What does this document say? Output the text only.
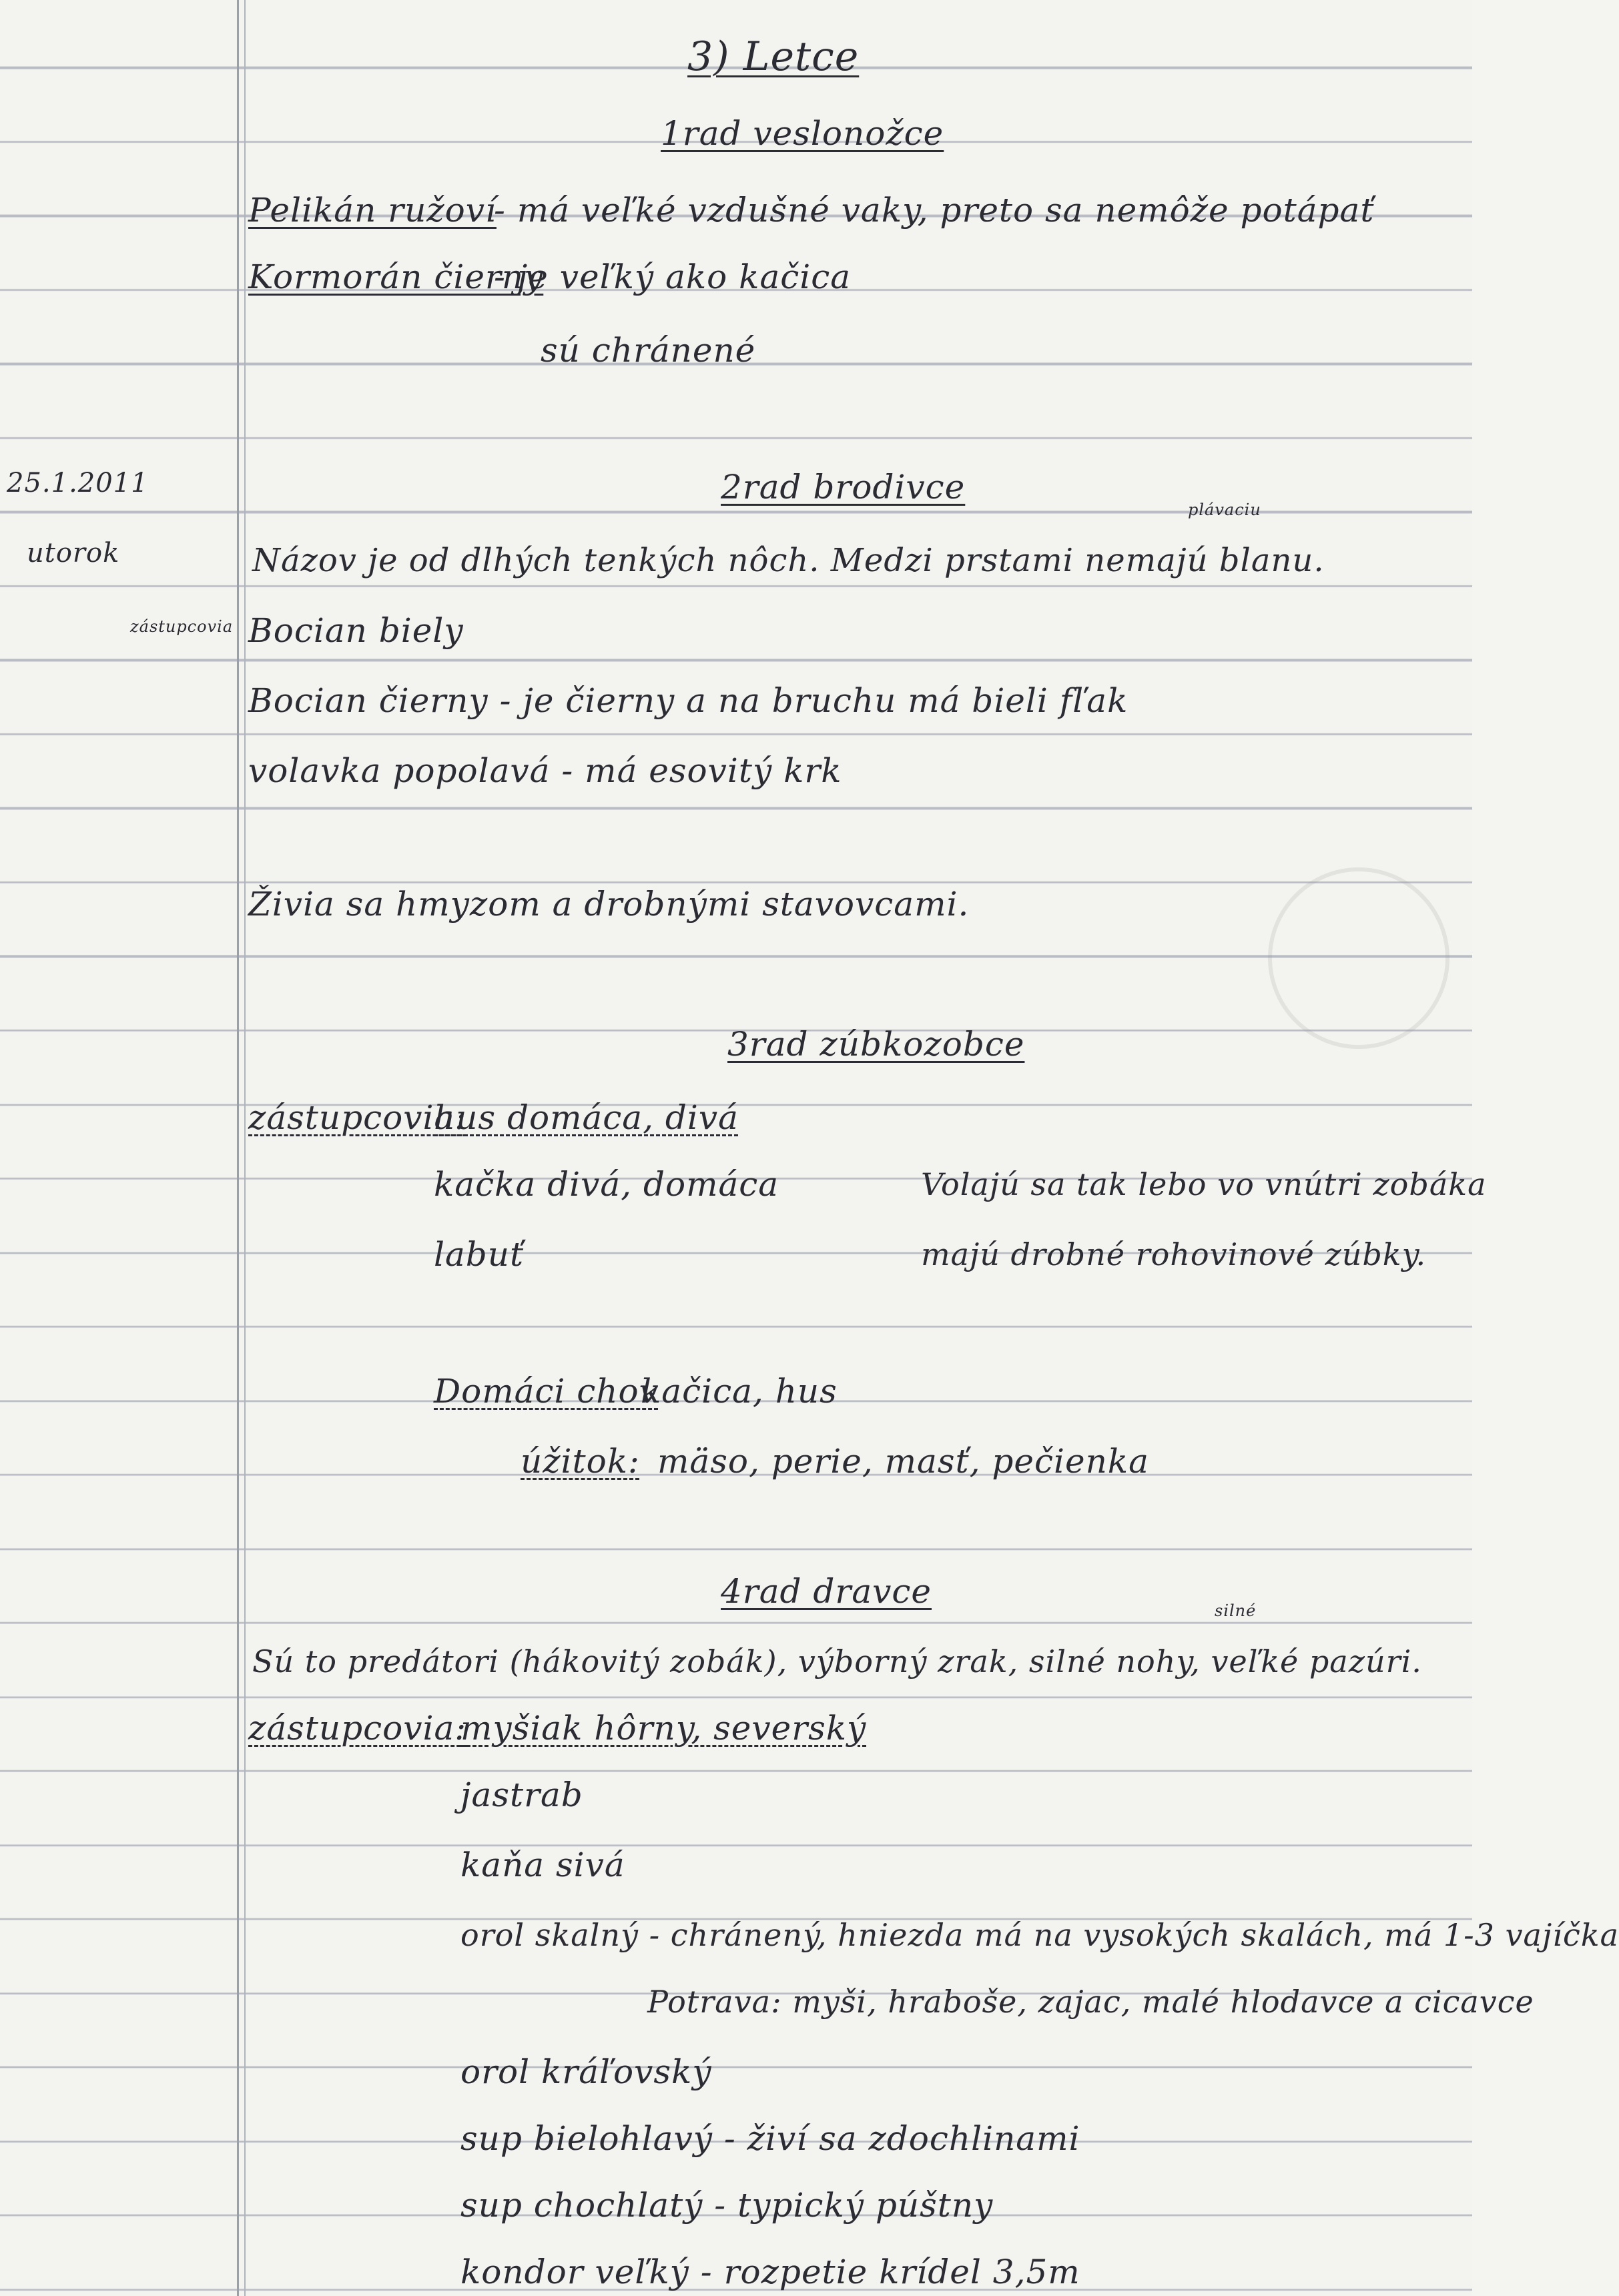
3) Letce
1rad veslonožce
Pelikán ružoví
- má veľké vzdušné vaky, preto sa nemôže potápať
Kormorán čierny
- je veľký ako kačica
sú chránené
25.1.2011
utorok
zástupcovia
2rad brodivce
plávaciu
Názov je od dlhých tenkých nôch. Medzi prstami nemajú blanu.
Bocian biely
Bocian čierny - je čierny a na bruchu má bieli fľak
volavka popolavá - má esovitý krk
Živia sa hmyzom a drobnými stavovcami.
3rad zúbkozobce
zástupcovia:
hus domáca, divá
kačka divá, domáca
labuť
Volajú sa tak lebo vo vnútri zobáka
majú drobné rohovinové zúbky.
Domáci chov
kačica, hus
úžitok: mäso, perie, masť, pečienka
4rad dravce	silné
Sú to predátori (hákovitý zobák), výborný zrak, silné nohy, veľké pazúri.
zástupcovia:
myšiak hôrny, severský
jastrab
kaňa sivá
orol skalný - chránený, hniezda má na vysokých skalách, má 1-3 vajíčka
Potrava: myši, hraboše, zajac, malé hlodavce a cicavce
orol kráľovský
sup bielohlavý - živí sa zdochlinami
sup chochlatý - typický púštny
kondor veľký - rozpetie krídel 3,5m
